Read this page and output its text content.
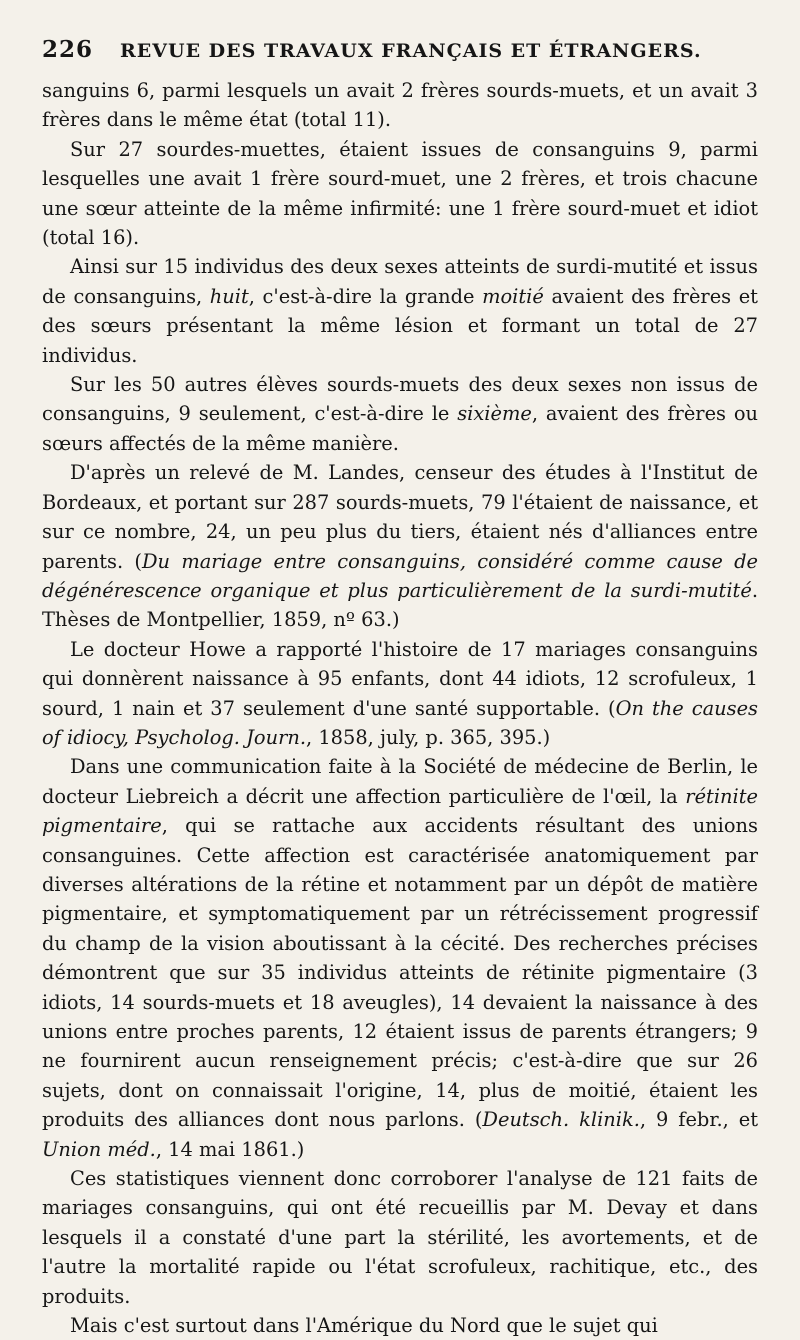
226	REVUE DES TRAVAUX FRANÇAIS ET ÉTRANGERS.

sanguins 6, parmi lesquels un avait 2 frères sourds-muets, et un avait 3 frères dans le même état (total 11).

Sur 27 sourdes-muettes, étaient issues de consanguins 9, parmi lesquelles une avait 1 frère sourd-muet, une 2 frères, et trois chacune une sœur atteinte de la même infirmité: une 1 frère sourd-muet et idiot (total 16).

Ainsi sur 15 individus des deux sexes atteints de surdi-mutité et issus de consanguins, huit, c'est-à-dire la grande moitié avaient des frères et des sœurs présentant la même lésion et formant un total de 27 individus.

Sur les 50 autres élèves sourds-muets des deux sexes non issus de consanguins, 9 seulement, c'est-à-dire le sixième, avaient des frères ou sœurs affectés de la même manière.

D'après un relevé de M. Landes, censeur des études à l'Institut de Bordeaux, et portant sur 287 sourds-muets, 79 l'étaient de naissance, et sur ce nombre, 24, un peu plus du tiers, étaient nés d'alliances entre parents. (Du mariage entre consanguins, considéré comme cause de dégénérescence organique et plus particulièrement de la surdi-mutité. Thèses de Montpellier, 1859, nº 63.)

Le docteur Howe a rapporté l'histoire de 17 mariages consanguins qui donnèrent naissance à 95 enfants, dont 44 idiots, 12 scrofuleux, 1 sourd, 1 nain et 37 seulement d'une santé supportable. (On the causes of idiocy, Psycholog. Journ., 1858, july, p. 365, 395.)

Dans une communication faite à la Société de médecine de Berlin, le docteur Liebreich a décrit une affection particulière de l'œil, la rétinite pigmentaire, qui se rattache aux accidents résultant des unions consanguines. Cette affection est caractérisée anatomiquement par diverses altérations de la rétine et notamment par un dépôt de matière pigmentaire, et symptomatiquement par un rétrécissement progressif du champ de la vision aboutissant à la cécité. Des recherches précises démontrent que sur 35 individus atteints de rétinite pigmentaire (3 idiots, 14 sourds-muets et 18 aveugles), 14 devaient la naissance à des unions entre proches parents, 12 étaient issus de parents étrangers; 9 ne fournirent aucun renseignement précis; c'est-à-dire que sur 26 sujets, dont on connaissait l'origine, 14, plus de moitié, étaient les produits des alliances dont nous parlons. (Deutsch. klinik., 9 febr., et Union méd., 14 mai 1861.)

Ces statistiques viennent donc corroborer l'analyse de 121 faits de mariages consanguins, qui ont été recueillis par M. Devay et dans lesquels il a constaté d'une part la stérilité, les avortements, et de l'autre la mortalité rapide ou l'état scrofuleux, rachitique, etc., des produits.

Mais c'est surtout dans l'Amérique du Nord que le sujet qui
